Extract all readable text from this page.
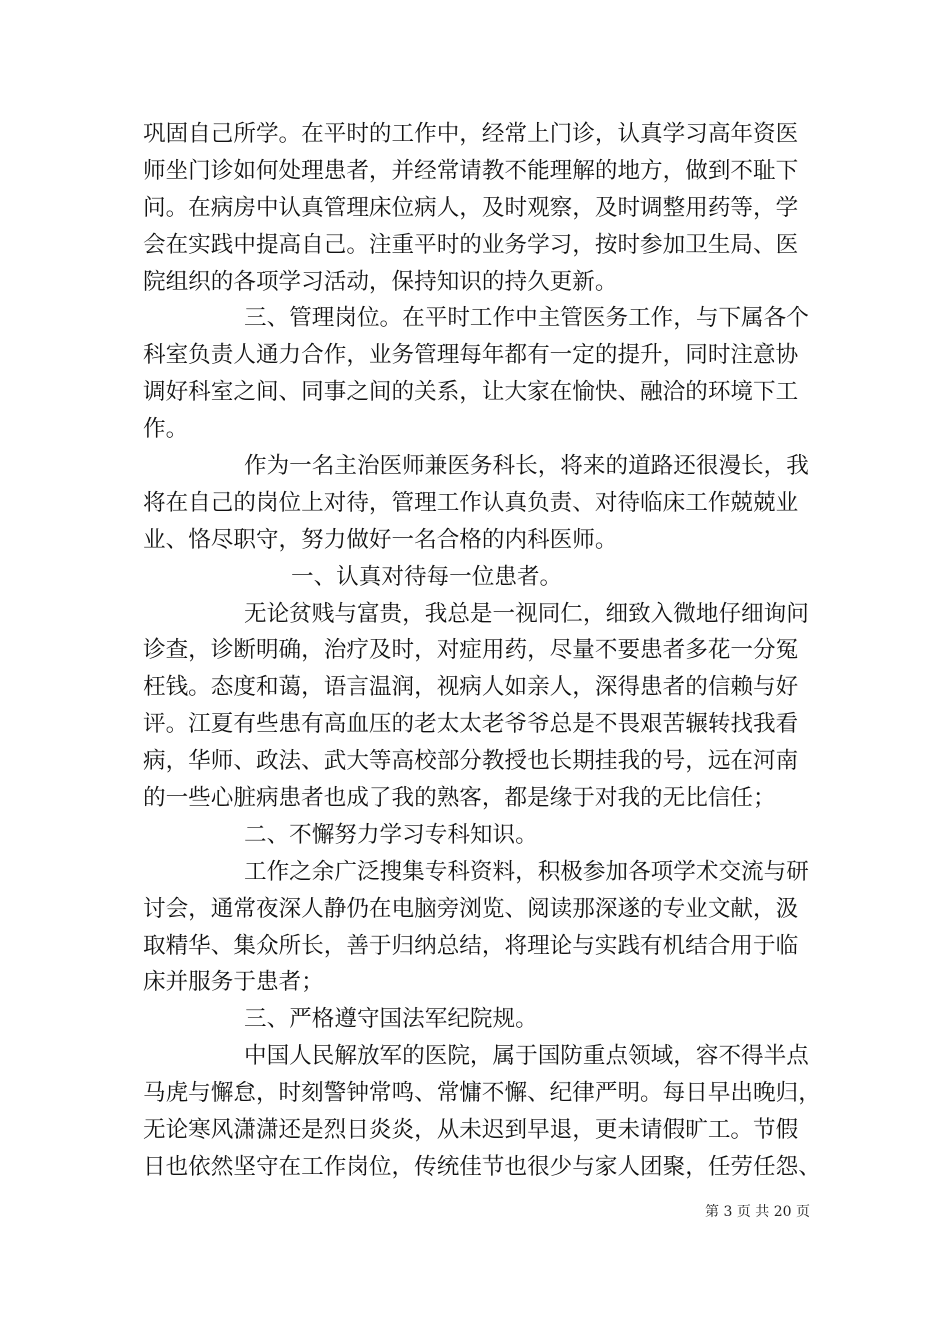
巩固自己所学。在平时的工作中，经常上门诊，认真学习高年资医
师坐门诊如何处理患者，并经常请教不能理解的地方，做到不耻下
问。在病房中认真管理床位病人，及时观察，及时调整用药等，学
会在实践中提高自己。注重平时的业务学习，按时参加卫生局、医
院组织的各项学习活动，保持知识的持久更新。
三、管理岗位。在平时工作中主管医务工作，与下属各个
科室负责人通力合作，业务管理每年都有一定的提升，同时注意协
调好科室之间、同事之间的关系，让大家在愉快、融洽的环境下工
作。
作为一名主治医师兼医务科长，将来的道路还很漫长，我
将在自己的岗位上对待，管理工作认真负责、对待临床工作兢兢业
业、恪尽职守，努力做好一名合格的内科医师。
一、认真对待每一位患者。
无论贫贱与富贵，我总是一视同仁，细致入微地仔细询问
诊查，诊断明确，治疗及时，对症用药，尽量不要患者多花一分冤
枉钱。态度和蔼，语言温润，视病人如亲人，深得患者的信赖与好
评。江夏有些患有高血压的老太太老爷爷总是不畏艰苦辗转找我看
病，华师、政法、武大等高校部分教授也长期挂我的号，远在河南
的一些心脏病患者也成了我的熟客，都是缘于对我的无比信任；
二、不懈努力学习专科知识。
工作之余广泛搜集专科资料，积极参加各项学术交流与研
讨会，通常夜深人静仍在电脑旁浏览、阅读那深遂的专业文献，汲
取精华、集众所长，善于归纳总结，将理论与实践有机结合用于临
床并服务于患者；
三、严格遵守国法军纪院规。
中国人民解放军的医院，属于国防重点领域，容不得半点
马虎与懈怠，时刻警钟常鸣、常慵不懈、纪律严明。每日早出晚归，
无论寒风潇潇还是烈日炎炎，从未迟到早退，更未请假旷工。节假
日也依然坚守在工作岗位，传统佳节也很少与家人团聚，任劳任怨、
第 3 页 共 20 页
